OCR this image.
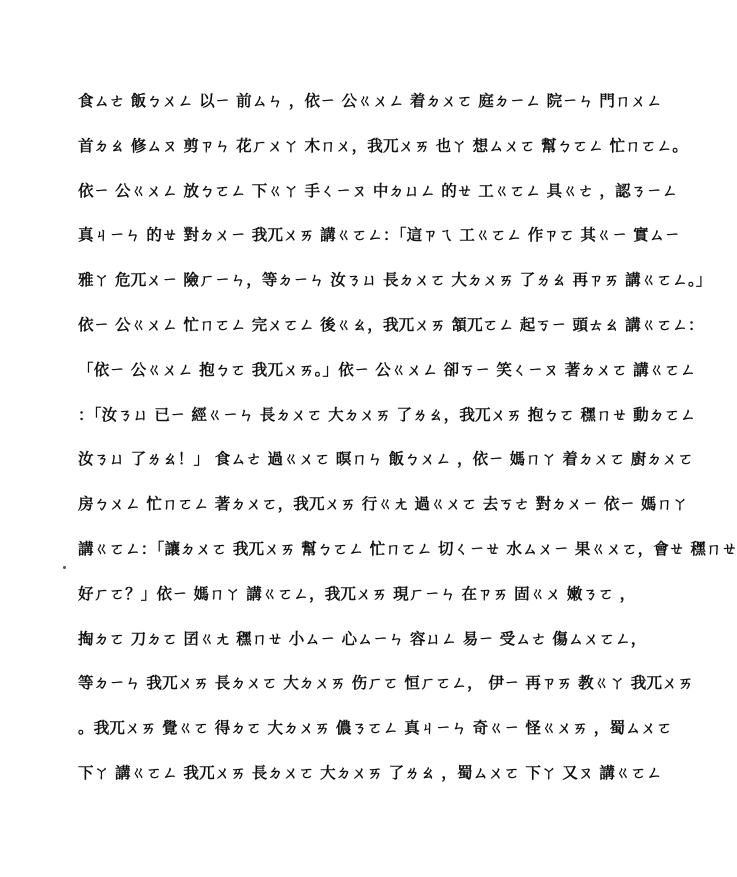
食ㄙㄜ 飯ㄅㄨㄥ 以ㄧ 前ㄙㄣ ，依ㄧ 公ㄍㄨㄥ 着ㄉㄨㄛ 庭ㄉㄧㄥ 院ㄧㄣ 門ㄇㄨㄥ
首ㄉㄠ 修ㄙㄡ 剪ㄗㄣ 花ㄏㄨㄚ 木ㄇㄨ，我ㄫㄨㄞ 也ㄚ 想ㄙㄨㄛ 幫ㄅㄛㄥ 忙ㄇㄛㄥ。
依ㄧ 公ㄍㄨㄥ 放ㄅㄛㄥ 下ㄍㄚ 手ㄑㄧㄡ 中ㄉㄩㄥ 的ㄝ 工ㄍㄛㄥ 具ㄍㄜ ，認ㄋㄧㄥ
真ㄐㄧㄣ 的ㄝ 對ㄉㄨㄧ 我ㄫㄨㄞ 講ㄍㄛㄥ：「這ㄗㄟ 工ㄍㄛㄥ 作ㄗㄛ 其ㄍㄧ 實ㄙㄧ
雅ㄚ 危ㄫㄨㄧ 險ㄏㄧㄣ，等ㄉㄧㄣ 汝ㄋㄩ 長ㄉㄨㄛ 大ㄉㄨㄞ 了ㄌㄠ 再ㄗㄞ 講ㄍㄛㄥ。」
依ㄧ 公ㄍㄨㄥ 忙ㄇㄛㄥ 完ㄨㄛㄥ 後ㄍㄠ，我ㄫㄨㄞ 頷ㄫㄛㄥ 起ㄎㄧ 頭ㄊㄠ 講ㄍㄛㄥ：
「依ㄧ 公ㄍㄨㄥ 抱ㄅㄛ 我ㄫㄨㄞ。」依ㄧ 公ㄍㄨㄥ 卻ㄎㄧ 笑ㄑㄧㄡ 著ㄉㄨㄛ 講ㄍㄛㄥ
：「汝ㄋㄩ 已ㄧ 經ㄍㄧㄣ 長ㄉㄨㄛ 大ㄉㄨㄞ 了ㄌㄠ，我ㄫㄨㄞ 抱ㄅㄛ 䆀ㄇㄝ 動ㄉㄛㄥ
汝ㄋㄩ 了ㄌㄠ！」 食ㄙㄜ 過ㄍㄨㄛ 暝ㄇㄣ 飯ㄅㄨㄥ ，依ㄧ 媽ㄇㄚ 着ㄉㄨㄛ 廚ㄉㄨㄛ
房ㄅㄨㄥ 忙ㄇㄛㄥ 著ㄉㄨㄛ，我ㄫㄨㄞ 行ㄍㄤ 過ㄍㄨㄛ 去ㄎㄜ 對ㄉㄨㄧ 依ㄧ 媽ㄇㄚ
講ㄍㄛㄥ：「讓ㄉㄨㄛ 我ㄫㄨㄞ 幫ㄅㄛㄥ 忙ㄇㄛㄥ 切ㄑㄧㄝ 水ㄙㄨㄧ 果ㄍㄨㄛ，會ㄝ 䆀ㄇㄝ
好ㄏㄛ？」依ㄧ 媽ㄇㄚ 講ㄍㄛㄥ，我ㄫㄨㄞ 現ㄏㄧㄣ 在ㄗㄞ 固ㄍㄨ 嫩ㄋㄛ ，
掏ㄉㄛ 刀ㄉㄛ 囝ㄍㄤ 䆀ㄇㄝ 小ㄙㄧ 心ㄙㄧㄣ 容ㄩㄥ 易ㄧ 受ㄙㄜ 傷ㄙㄨㄛㄥ，
等ㄉㄧㄣ 我ㄫㄨㄞ 長ㄉㄨㄛ 大ㄉㄨㄞ 伤ㄏㄛ 恒ㄏㄛㄥ， 伊ㄧ 再ㄗㄞ 教ㄍㄚ 我ㄫㄨㄞ
。我ㄫㄨㄞ 覺ㄍㄛ 得ㄉㄛ 大ㄉㄨㄞ 儂ㄋㄛㄥ 真ㄐㄧㄣ 奇ㄍㄧ 怪ㄍㄨㄞ ，蜀ㄙㄨㄛ
下ㄚ 講ㄍㄛㄥ 我ㄫㄨㄞ 長ㄉㄨㄛ 大ㄉㄨㄞ 了ㄌㄠ ，蜀ㄙㄨㄛ 下ㄚ 又ㄡ 講ㄍㄛㄥ
